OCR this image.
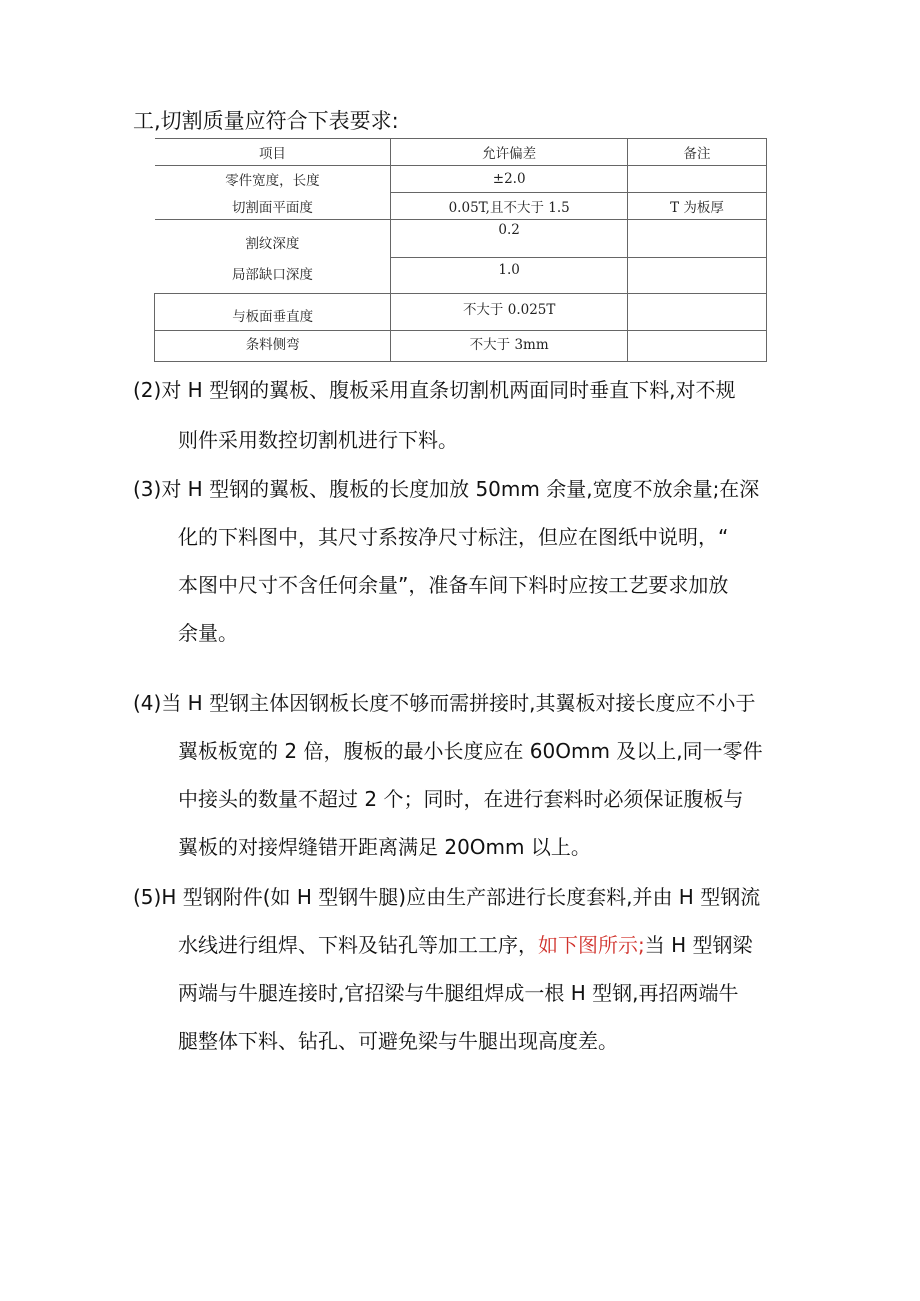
工,切割质量应符合下表要求:
项目	允许偏差	备注
零件宽度，长度	±2.0	
切割面平面度	0.05T,且不大于 1.5	T 为板厚
割纹深度	0.2	
局部缺口深度	1.0	
与板面垂直度	不大于 0.025T	
条料侧弯	不大于 3mm	
(2)对 H 型钢的翼板、腹板采用直条切割机两面同时垂直下料,对不规
则件采用数控切割机进行下料。
(3)对 H 型钢的翼板、腹板的长度加放 50mm 余量,宽度不放余量;在深
化的下料图中，其尺寸系按净尺寸标注，但应在图纸中说明，“
本图中尺寸不含任何余量”，准备车间下料时应按工艺要求加放
余量。
(4)当 H 型钢主体因钢板长度不够而需拼接时,其翼板对接长度应不小于
翼板板宽的 2 倍，腹板的最小长度应在 60Omm 及以上,同一零件
中接头的数量不超过 2 个；同时，在进行套料时必须保证腹板与
翼板的对接焊缝错开距离满足 20Omm 以上。
(5)H 型钢附件(如 H 型钢牛腿)应由生产部进行长度套料,并由 H 型钢流
水线进行组焊、下料及钻孔等加工工序，如下图所示;当 H 型钢梁
两端与牛腿连接时,官招梁与牛腿组焊成一根 H 型钢,再招两端牛
腿整体下料、钻孔、可避免梁与牛腿出现高度差。
